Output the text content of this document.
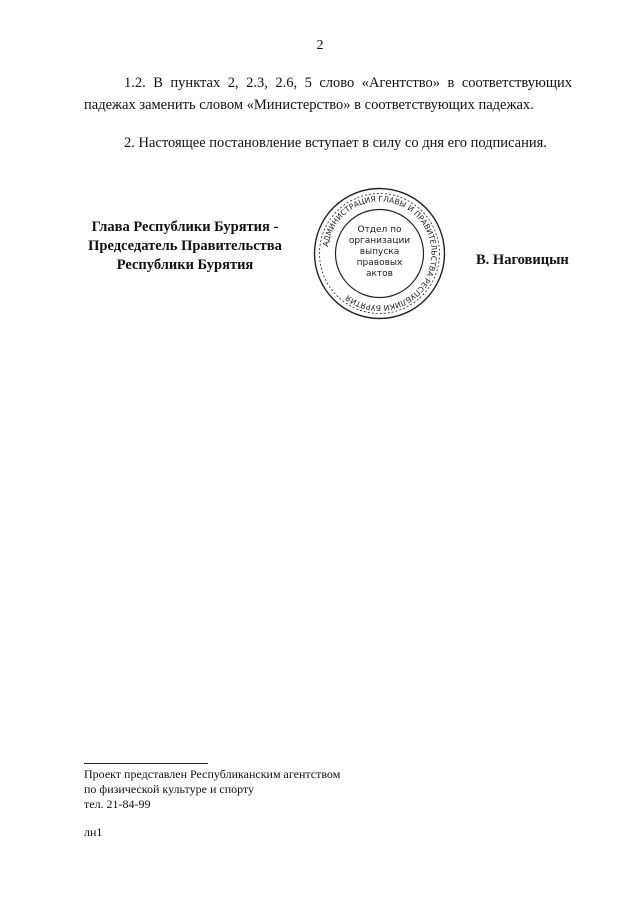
2
1.2. В пунктах 2, 2.3, 2.6, 5 слово «Агентство» в соответствующих падежах заменить словом «Министерство» в соответствующих падежах.
2. Настоящее постановление вступает в силу со дня его подписания.
Глава Республики Бурятия -
Председатель Правительства
Республики Бурятия
АДМИНИСТРАЦИЯ ГЛАВЫ И ПРАВИТЕЛЬСТВА РЕСПУБЛИКИ БУРЯТИЯ
Отдел по
организации
выпуска
правовых
актов
В. Наговицын
Проект представлен Республиканским агентством
по физической культуре и спорту
тел. 21-84-99
лн1
